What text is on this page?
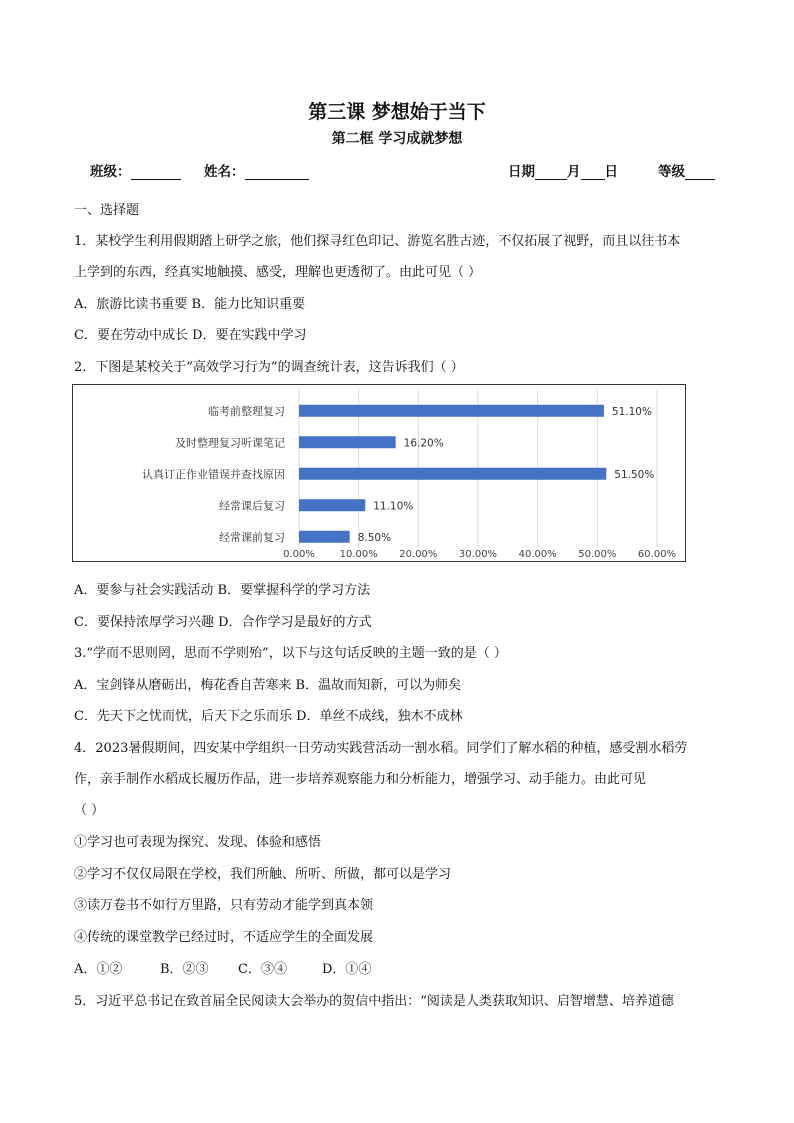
第三课 梦想始于当下
第二框 学习成就梦想
班级：	姓名：	日期 月 日	等级
一、选择题
1．某校学生利用假期踏上研学之旅，他们探寻红色印记、游览名胜古迹，不仅拓展了视野，而且以往书本
上学到的东西，经真实地触摸、感受，理解也更透彻了。由此可见（ ）
A．旅游比读书重要 B．能力比知识重要
C．要在劳动中成长 D．要在实践中学习
2．下图是某校关于“高效学习行为”的调查统计表，这告诉我们（ ）
0.00% 10.00% 20.00% 30.00% 40.00% 50.00% 60.00%
临考前整理复习	51.10%
及时整理复习听课笔记	16.20%
认真订正作业错误并查找原因	51.50%
经常课后复习	11.10%
经常课前复习	8.50%
A．要参与社会实践活动 B．要掌握科学的学习方法
C．要保持浓厚学习兴趣 D．合作学习是最好的方式
3.“学而不思则罔，思而不学则殆”，以下与这句话反映的主题一致的是（ ）
A．宝剑锋从磨砺出，梅花香自苦寒来 B．温故而知新，可以为师矣
C．先天下之忧而忧，后天下之乐而乐 D．单丝不成线，独木不成林
4．2023暑假期间，四安某中学组织一日劳动实践营活动一割水稻。同学们了解水稻的种植，感受割水稻劳
作，亲手制作水稻成长履历作品，进一步培养观察能力和分析能力，增强学习、动手能力。由此可见
（ ）
①学习也可表现为探究、发现、体验和感悟
②学习不仅仅局限在学校，我们所触、所听、所做，都可以是学习
③读万卷书不如行万里路，只有劳动才能学到真本领
④传统的课堂教学已经过时，不适应学生的全面发展
A．①②	B．②③ C．③④	D．①④
5．习近平总书记在致首届全民阅读大会举办的贺信中指出：“阅读是人类获取知识、启智增慧、培养道德
